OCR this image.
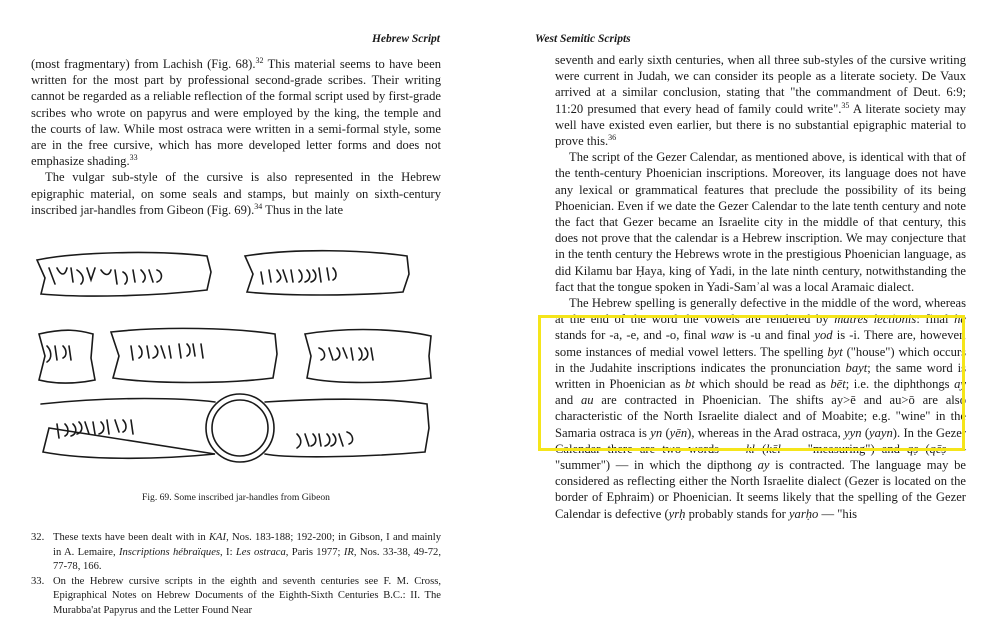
Hebrew Script

(most fragmentary) from Lachish (Fig. 68).$^{32}$ This material seems to have been written for the most part by professional second-grade scribes. Their writing cannot be regarded as a reliable reflection of the formal script used by first-grade scribes who wrote on papyrus and were employed by the king, the temple and the courts of law. While most ostraca were written in a semi-formal style, some are in the free cursive, which has more developed letter forms and does not emphasize shading.$^{33}$

The vulgar sub-style of the cursive is also represented in the Hebrew epigraphic material, on some seals and stamps, but mainly on sixth-century inscribed jar-handles from Gibeon (Fig. 69).$^{34}$ Thus in the late

Fig. 69. Some inscribed jar-handles from Gibeon
32. These texts have been dealt with in KAI, Nos. 183-188; 192-200; in Gibson, I and mainly in A. Lemaire, Inscriptions hébraïques, I: Les ostraca, Paris 1977; IR, Nos. 33-38, 49-72, 77-78, 166.
33. On the Hebrew cursive scripts in the eighth and seventh centuries see F. M. Cross, Epigraphical Notes on Hebrew Documents of the Eighth-Sixth Centuries B.C.: II. The Murabba'at Papyrus and the Letter Found Near
West Semitic Scripts

seventh and early sixth centuries, when all three sub-styles of the cursive writing were current in Judah, we can consider its people as a literate society. De Vaux arrived at a similar conclusion, stating that "the commandment of Deut. 6:9; 11:20 presumed that every head of family could write".$^{35}$ A literate society may well have existed even earlier, but there is no substantial epigraphic material to prove this.$^{36}$

The script of the Gezer Calendar, as mentioned above, is identical with that of the tenth-century Phoenician inscriptions. Moreover, its language does not have any lexical or grammatical features that preclude the possibility of its being Phoenician. Even if we date the Gezer Calendar to the late tenth century and note the fact that Gezer became an Israelite city in the middle of that century, this does not prove that the calendar is a Hebrew inscription. We may conjecture that in the tenth century the Hebrews wrote in the prestigious Phoenician language, as did Kilamu bar Ḥaya, king of Yadi, in the late ninth century, notwithstanding the fact that the tongue spoken in Yadi-Samʾal was a local Aramaic dialect.

The Hebrew spelling is generally defective in the middle of the word, whereas at the end of the word the vowels are rendered by matres lectionis: final he stands for -a, -e, and -o, final waw is -u and final yod is -i. There are, however, some instances of medial vowel letters. The spelling byt ("house") which occurs in the Judahite inscriptions indicates the pronunciation bayt; the same word is written in Phoenician as bt which should be read as bēt; i.e. the diphthongs ay and au are contracted in Phoenician. The shifts ay>ē and au>ō are also characteristic of the North Israelite dialect and of Moabite; e.g. "wine" in the Samaria ostraca is yn (yēn), whereas in the Arad ostraca, yyn (yayn). In the Gezer Calendar there are two words — kl (kēl — "measuring") and qṣ (qēṣ — "summer") — in which the dipthong ay is contracted. The language may be considered as reflecting either the North Israelite dialect (Gezer is located on the border of Ephraim) or Phoenician. It seems likely that the spelling of the Gezer Calendar is defective (yrḥ probably stands for yarḥo — "his
